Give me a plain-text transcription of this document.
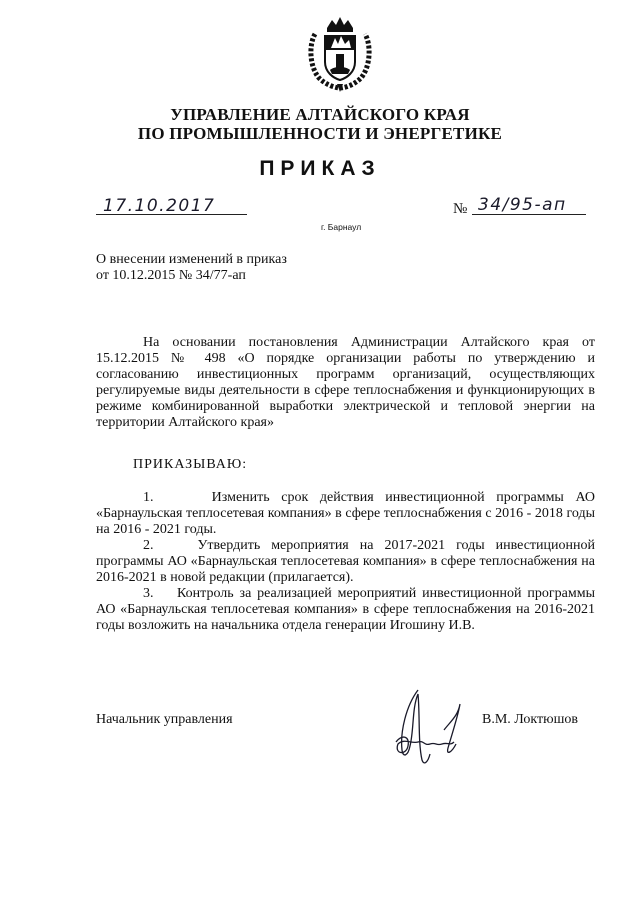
УПРАВЛЕНИЕ АЛТАЙСКОГО КРАЯ
ПО ПРОМЫШЛЕННОСТИ И ЭНЕРГЕТИКЕ
ПРИКАЗ
17.10.2017
г. Барнаул
№ 34/95-ап
О внесении изменений в приказ
от 10.12.2015 № 34/77-ап

На основании постановления Администрации Алтайского края от 15.12.2015 № 498 «О порядке организации работы по утверждению и согласованию инвестиционных программ организаций, осуществляющих регулируемые виды деятельности в сфере теплоснабжения и функционирующих в режиме комбинированной выработки электрической и тепловой энергии на территории Алтайского края»

ПРИКАЗЫВАЮ:

1.     Изменить срок действия инвестиционной программы АО «Барнаульская теплосетевая компания» в сфере теплоснабжения с 2016 - 2018 годы на 2016 - 2021 годы.

2.    Утвердить мероприятия на 2017-2021 годы инвестиционной программы АО «Барнаульская теплосетевая компания» в сфере теплоснабжения на 2016-2021 в новой редакции (прилагается).

3.    Контроль за реализацией мероприятий инвестиционной программы АО «Барнаульская теплосетевая компания» в сфере теплоснабжения на 2016-2021 годы возложить на начальника отдела генерации Игошину И.В.

Начальник управления	В.М. Локтюшов
